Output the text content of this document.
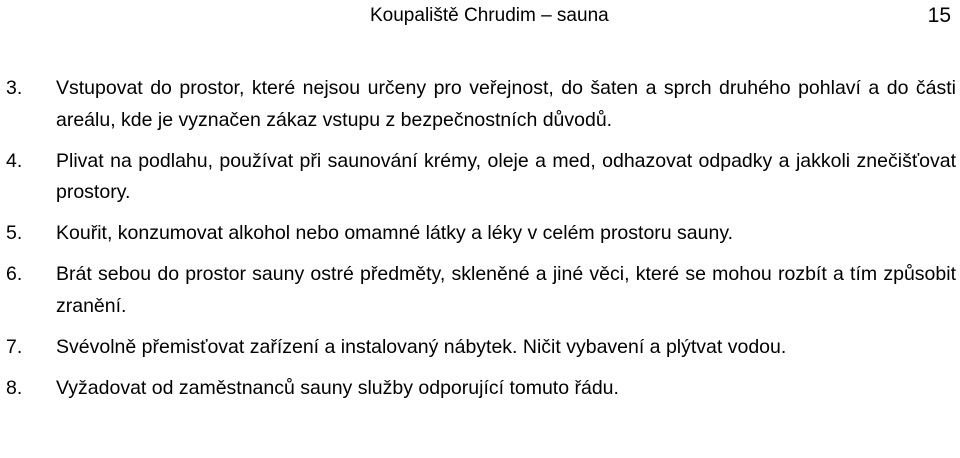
Koupaliště Chrudim – sauna	15
3.	Vstupovat do prostor, které nejsou určeny pro veřejnost, do šaten a sprch druhého pohlaví a do části areálu, kde je vyznačen zákaz vstupu z bezpečnostních důvodů.
4.	Plivat na podlahu, používat při saunování krémy, oleje a med, odhazovat odpadky a jakkoli znečišťovat prostory.
5.	Kouřit, konzumovat alkohol nebo omamné látky a léky v celém prostoru sauny.
6.	Brát sebou do prostor sauny ostré předměty, skleněné a jiné věci, které se mohou rozbít a tím způsobit zranění.
7.	Svévolně přemisťovat zařízení a instalovaný nábytek. Ničit vybavení a plýtvat vodou.
8.	Vyžadovat od zaměstnanců sauny služby odporující tomuto řádu.
